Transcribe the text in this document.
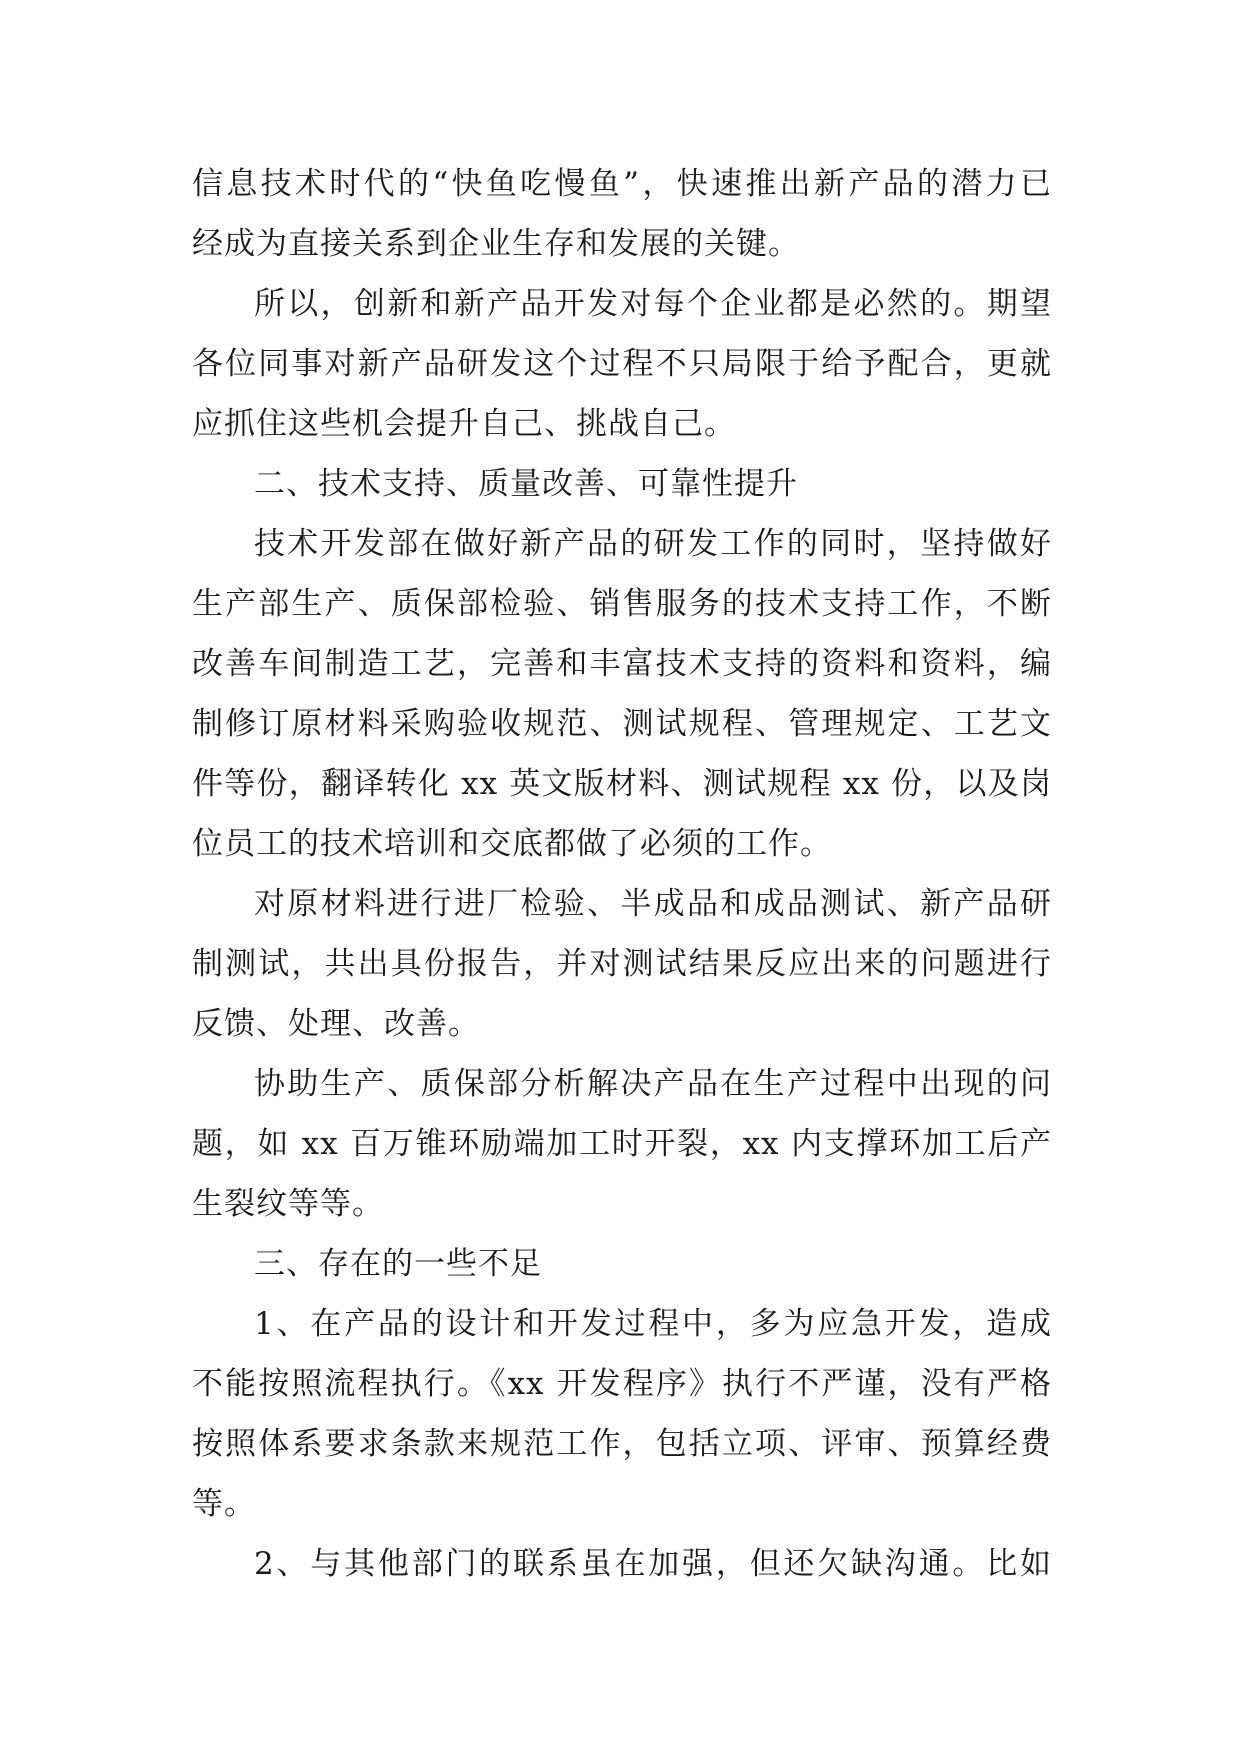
信息技术时代的“快鱼吃慢鱼”，快速推出新产品的潜力已
经成为直接关系到企业生存和发展的关键。
所以，创新和新产品开发对每个企业都是必然的。期望
各位同事对新产品研发这个过程不只局限于给予配合，更就
应抓住这些机会提升自己、挑战自己。
二、技术支持、质量改善、可靠性提升
技术开发部在做好新产品的研发工作的同时，坚持做好
生产部生产、质保部检验、销售服务的技术支持工作，不断
改善车间制造工艺，完善和丰富技术支持的资料和资料，编
制修订原材料采购验收规范、测试规程、管理规定、工艺文
件等份，翻译转化 xx 英文版材料、测试规程 xx 份，以及岗
位员工的技术培训和交底都做了必须的工作。
对原材料进行进厂检验、半成品和成品测试、新产品研
制测试，共出具份报告，并对测试结果反应出来的问题进行
反馈、处理、改善。
协助生产、质保部分析解决产品在生产过程中出现的问
题，如 xx 百万锥环励端加工时开裂，xx 内支撑环加工后产
生裂纹等等。
三、存在的一些不足
1、在产品的设计和开发过程中，多为应急开发，造成
不能按照流程执行。《xx 开发程序》执行不严谨，没有严格
按照体系要求条款来规范工作，包括立项、评审、预算经费
等。
2、与其他部门的联系虽在加强，但还欠缺沟通。比如
